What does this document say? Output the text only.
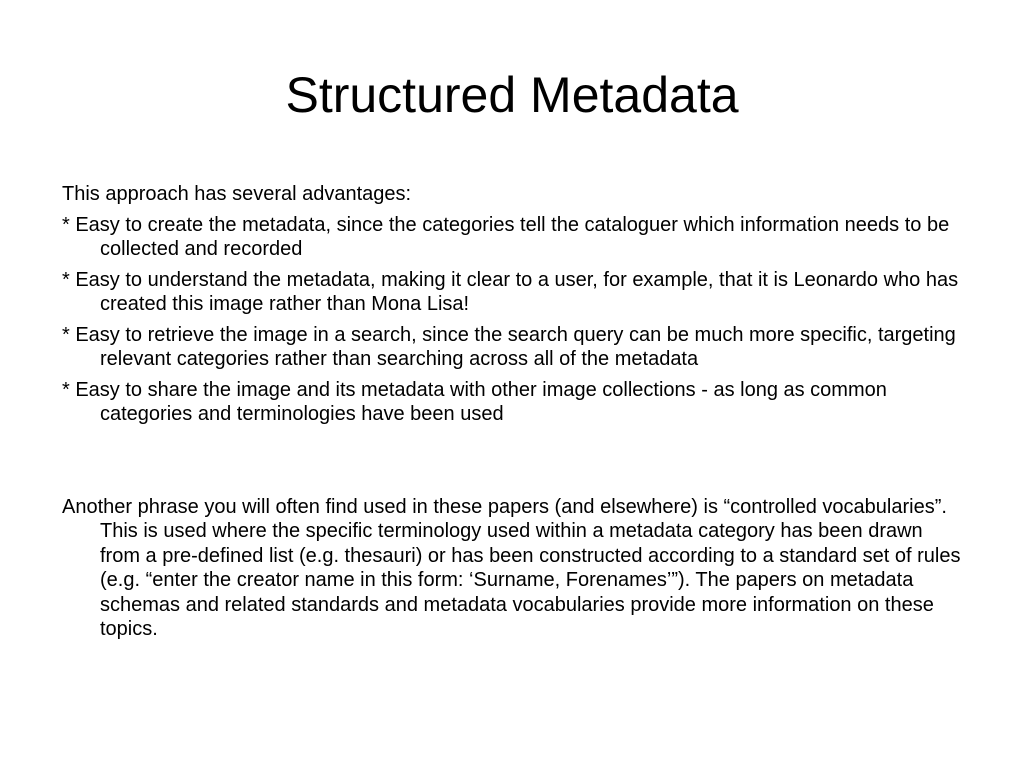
Structured Metadata

This approach has several advantages:

* Easy to create the metadata, since the categories tell the cataloguer which information needs to be collected and recorded

* Easy to understand the metadata, making it clear to a user, for example, that it is Leonardo who has created this image rather than Mona Lisa!

* Easy to retrieve the image in a search, since the search query can be much more specific, targeting relevant categories rather than searching across all of the metadata

* Easy to share the image and its metadata with other image collections - as long as common categories and terminologies have been used

Another phrase you will often find used in these papers (and elsewhere) is “controlled vocabularies”. This is used where the specific terminology used within a metadata category has been drawn from a pre-defined list (e.g. thesauri) or has been constructed according to a standard set of rules (e.g. “enter the creator name in this form: ‘Surname, Forenames’”). The papers on metadata schemas and related standards and metadata vocabularies provide more information on these topics.
